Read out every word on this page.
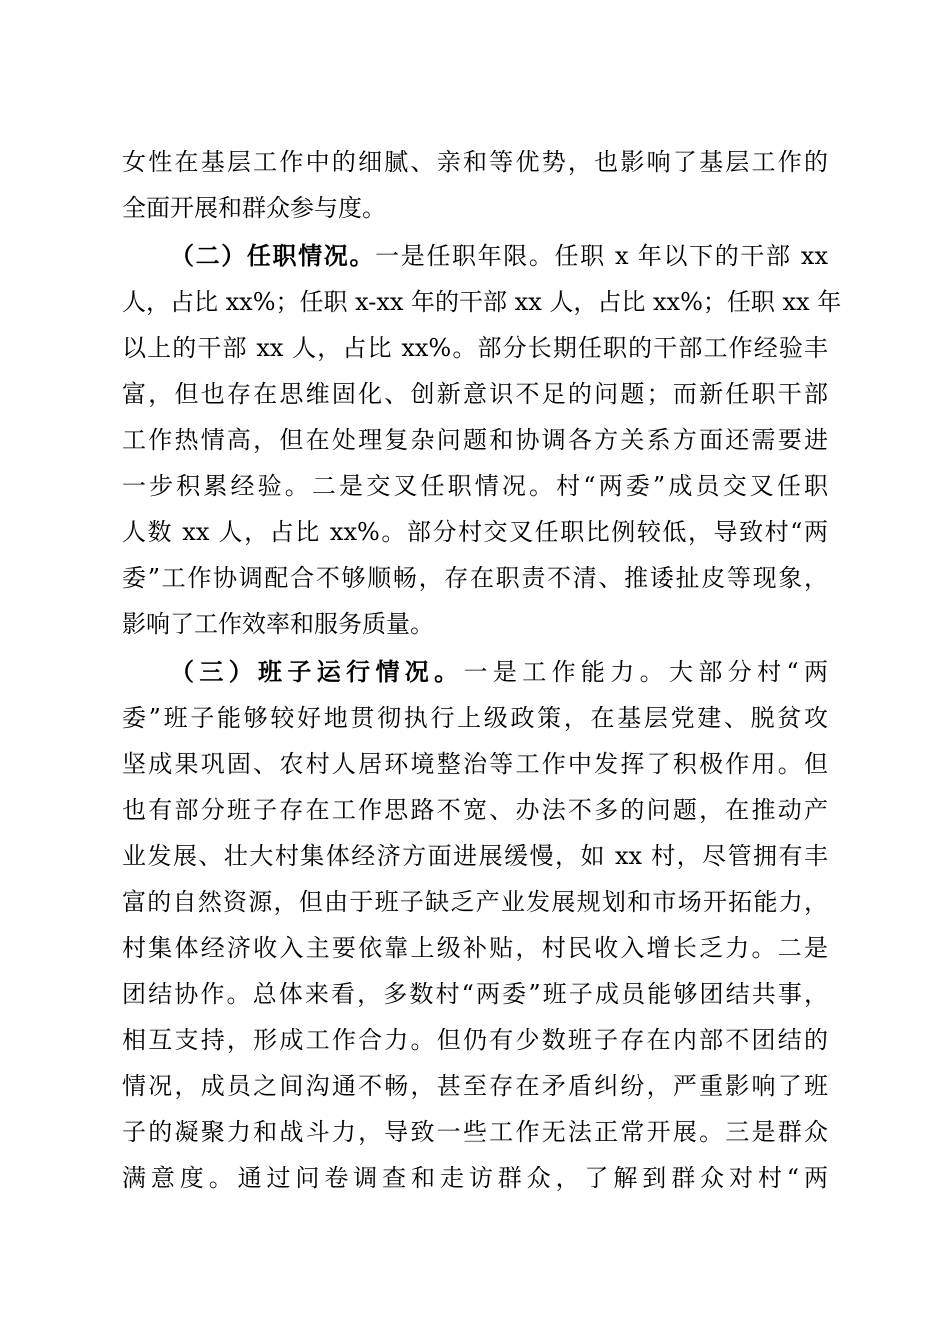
女性在基层工作中的细腻、亲和等优势，也影响了基层工作的
全面开展和群众参与度。
（二）任职情况。一是任职年限。任职 x 年以下的干部 xx
人，占比 xx%；任职 x-xx 年的干部 xx 人，占比 xx%；任职 xx 年
以上的干部 xx 人，占比 xx%。部分长期任职的干部工作经验丰
富，但也存在思维固化、创新意识不足的问题；而新任职干部
工作热情高，但在处理复杂问题和协调各方关系方面还需要进
一步积累经验。二是交叉任职情况。村“两委”成员交叉任职
人数 xx 人，占比 xx%。部分村交叉任职比例较低，导致村“两
委”工作协调配合不够顺畅，存在职责不清、推诿扯皮等现象，
影响了工作效率和服务质量。
（三）班子运行情况。一是工作能力。大部分村“两
委”班子能够较好地贯彻执行上级政策，在基层党建、脱贫攻
坚成果巩固、农村人居环境整治等工作中发挥了积极作用。但
也有部分班子存在工作思路不宽、办法不多的问题，在推动产
业发展、壮大村集体经济方面进展缓慢，如 xx 村，尽管拥有丰
富的自然资源，但由于班子缺乏产业发展规划和市场开拓能力，
村集体经济收入主要依靠上级补贴，村民收入增长乏力。二是
团结协作。总体来看，多数村“两委”班子成员能够团结共事，
相互支持，形成工作合力。但仍有少数班子存在内部不团结的
情况，成员之间沟通不畅，甚至存在矛盾纠纷，严重影响了班
子的凝聚力和战斗力，导致一些工作无法正常开展。三是群众
满意度。通过问卷调查和走访群众，了解到群众对村“两
